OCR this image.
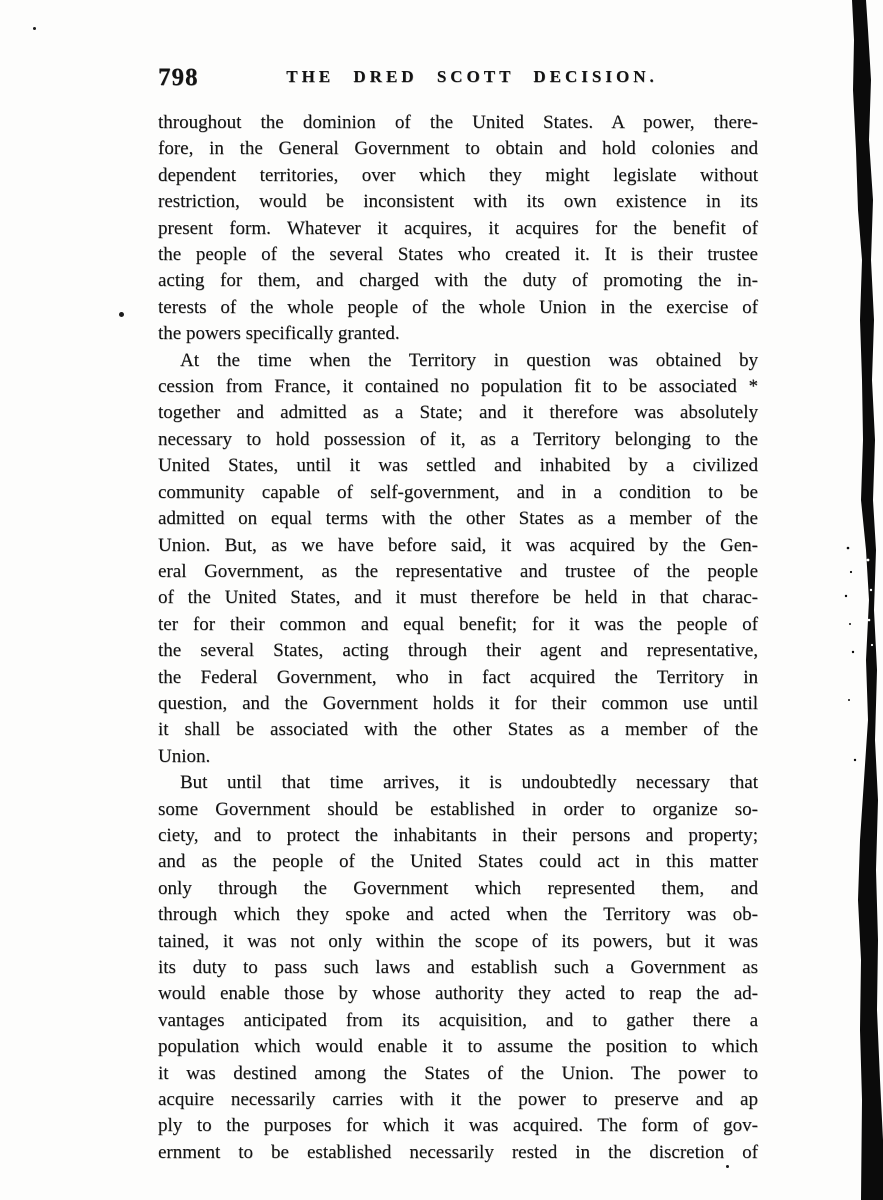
798	THE DRED SCOTT DECISION.
throughout the dominion of the United States. A power, there-
fore, in the General Government to obtain and hold colonies and
dependent territories, over which they might legislate without
restriction, would be inconsistent with its own existence in its
present form. Whatever it acquires, it acquires for the benefit of
the people of the several States who created it. It is their trustee
acting for them, and charged with the duty of promoting the in-
terests of the whole people of the whole Union in the exercise of
the powers specifically granted.
At the time when the Territory in question was obtained by
cession from France, it contained no population fit to be associated *
together and admitted as a State; and it therefore was absolutely
necessary to hold possession of it, as a Territory belonging to the
United States, until it was settled and inhabited by a civilized
community capable of self-government, and in a condition to be
admitted on equal terms with the other States as a member of the
Union. But, as we have before said, it was acquired by the Gen-
eral Government, as the representative and trustee of the people
of the United States, and it must therefore be held in that charac-
ter for their common and equal benefit; for it was the people of
the several States, acting through their agent and representative,
the Federal Government, who in fact acquired the Territory in
question, and the Government holds it for their common use until
it shall be associated with the other States as a member of the
Union.
But until that time arrives, it is undoubtedly necessary that
some Government should be established in order to organize so-
ciety, and to protect the inhabitants in their persons and property;
and as the people of the United States could act in this matter
only through the Government which represented them, and
through which they spoke and acted when the Territory was ob-
tained, it was not only within the scope of its powers, but it was
its duty to pass such laws and establish such a Government as
would enable those by whose authority they acted to reap the ad-
vantages anticipated from its acquisition, and to gather there a
population which would enable it to assume the position to which
it was destined among the States of the Union. The power to
acquire necessarily carries with it the power to preserve and ap
ply to the purposes for which it was acquired. The form of gov-
ernment to be established necessarily rested in the discretion of
